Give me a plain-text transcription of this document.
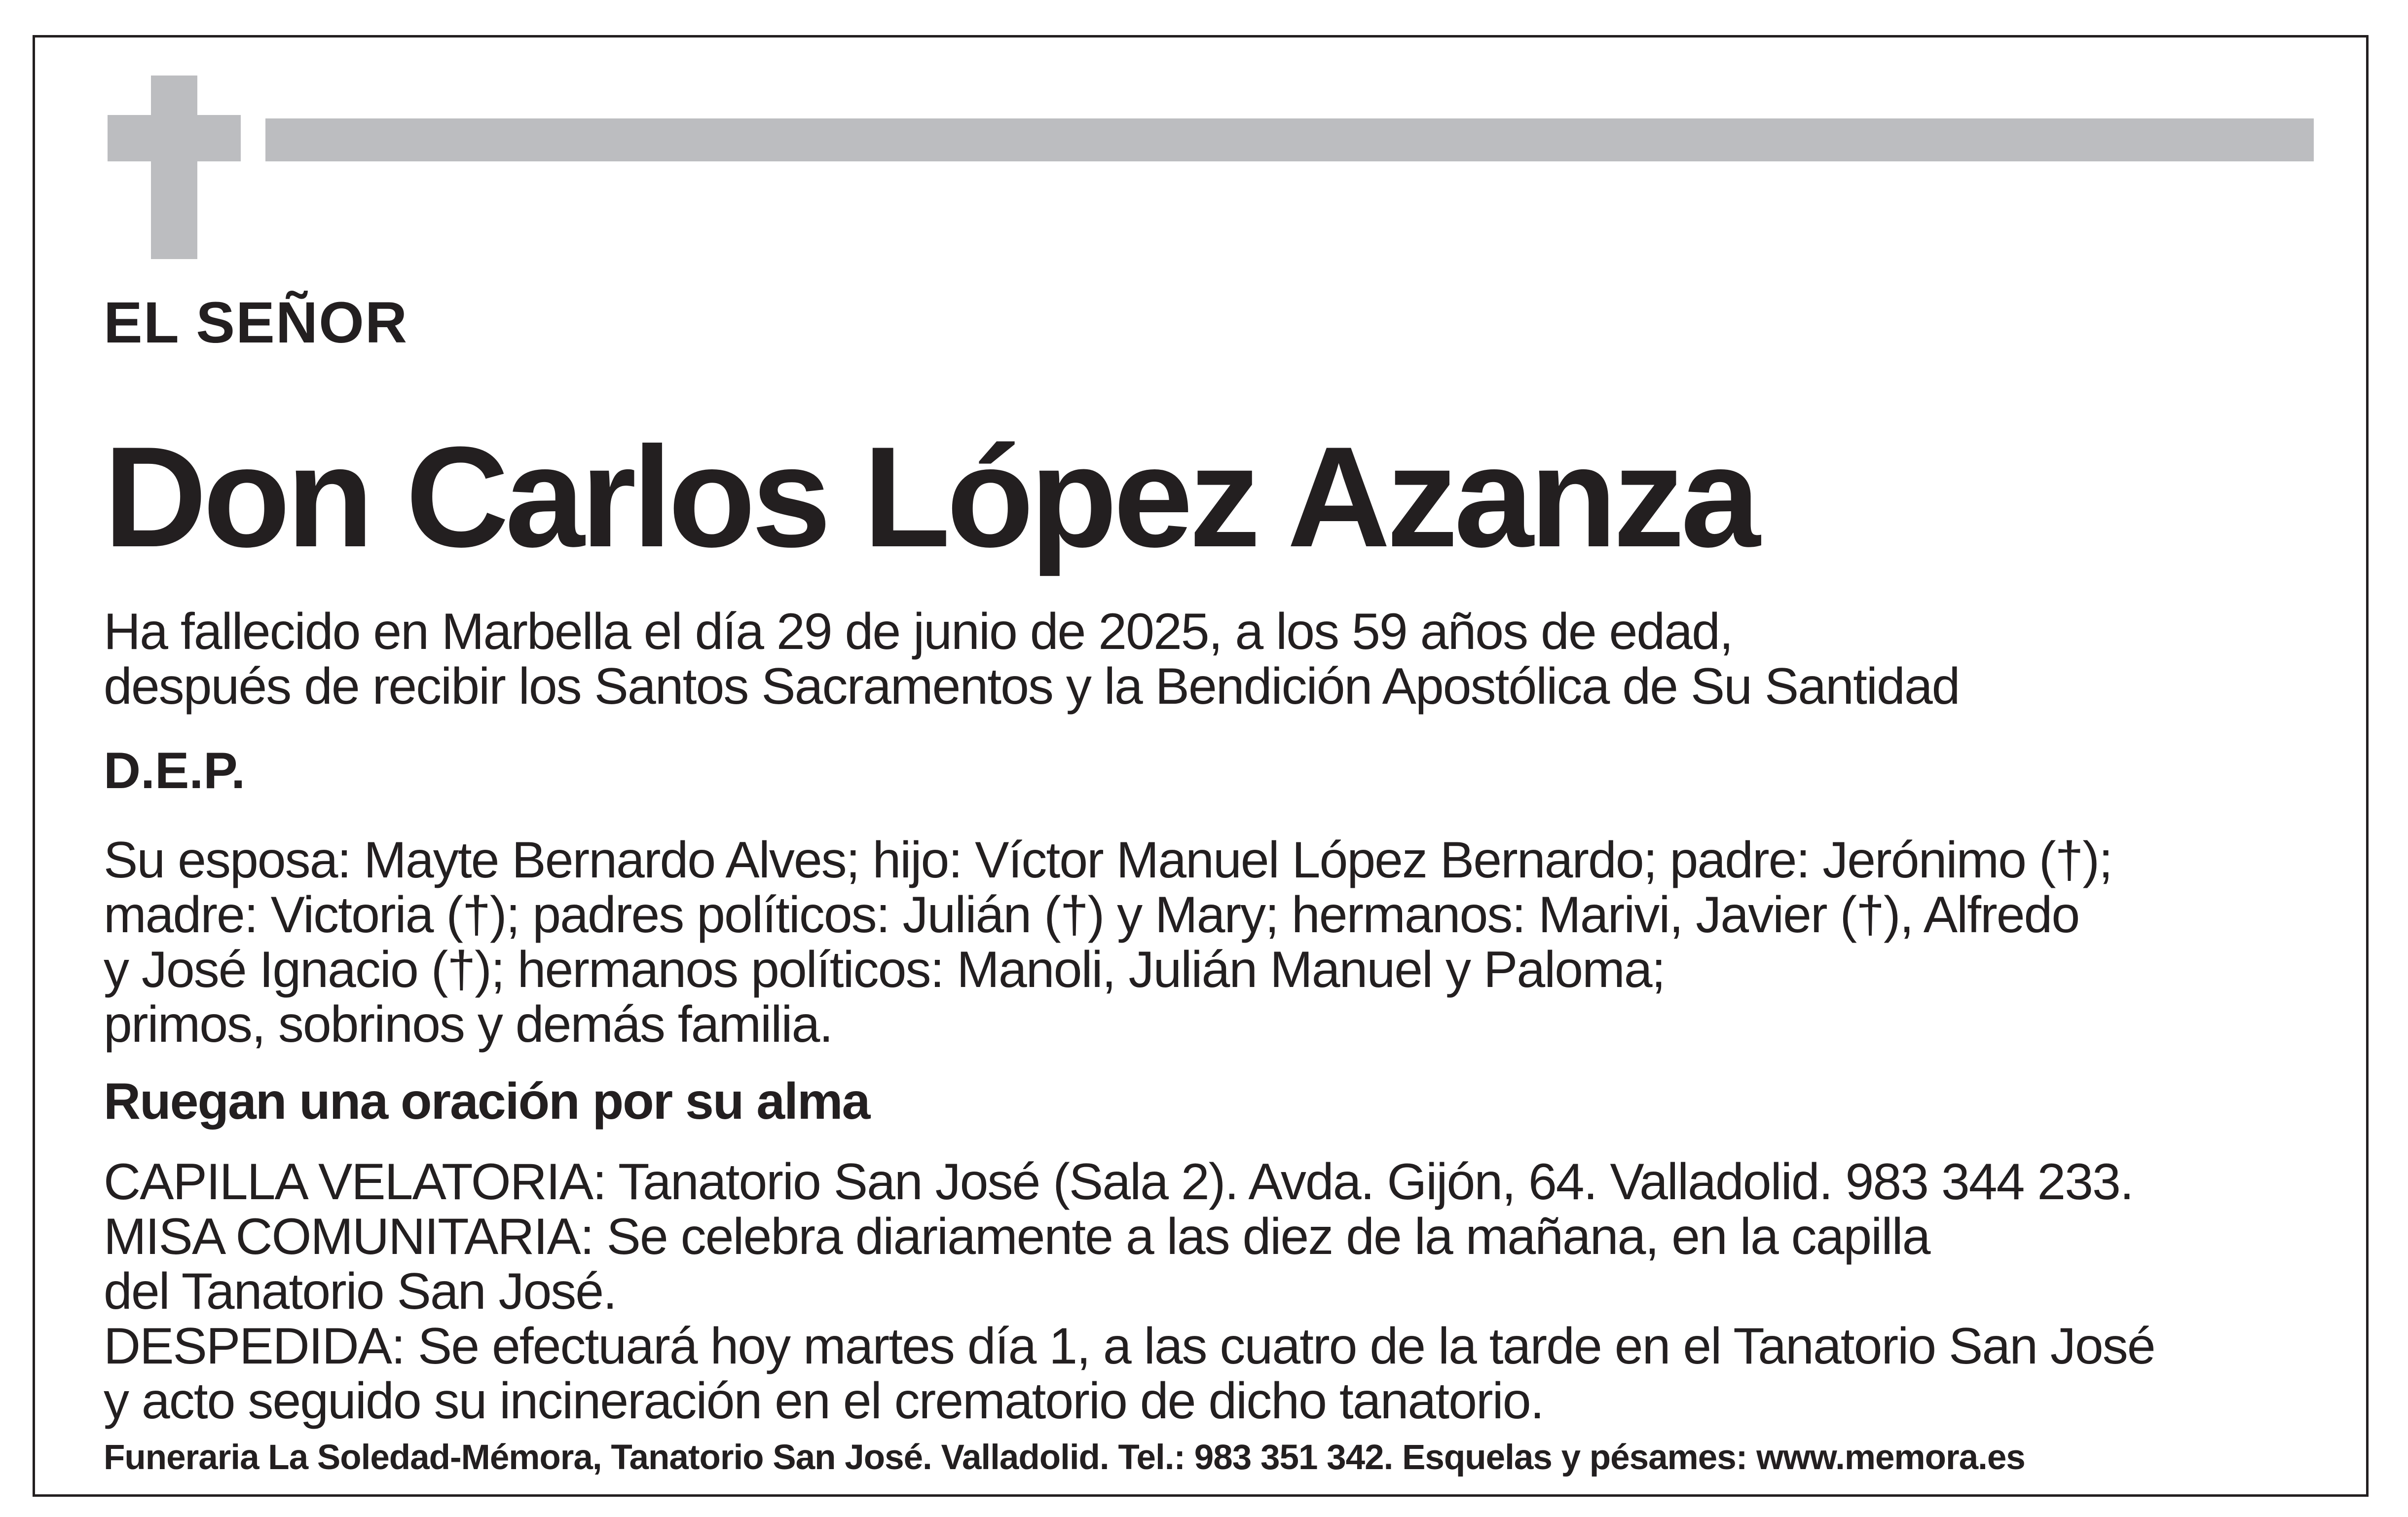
EL SEÑOR
Don Carlos López Azanza
Ha fallecido en Marbella el día 29 de junio de 2025, a los 59 años de edad,
después de recibir los Santos Sacramentos y la Bendición Apostólica de Su Santidad
D.E.P.
Su esposa: Mayte Bernardo Alves; hijo: Víctor Manuel López Bernardo; padre: Jerónimo (†);
madre: Victoria (†); padres políticos: Julián (†) y Mary; hermanos: Marivi, Javier (†), Alfredo
y José Ignacio (†); hermanos políticos: Manoli, Julián Manuel y Paloma;
primos, sobrinos y demás familia.
Ruegan una oración por su alma
CAPILLA VELATORIA: Tanatorio San José (Sala 2). Avda. Gijón, 64. Valladolid. 983 344 233.
MISA COMUNITARIA: Se celebra diariamente a las diez de la mañana, en la capilla
del Tanatorio San José.
DESPEDIDA: Se efectuará hoy martes día 1, a las cuatro de la tarde en el Tanatorio San José
y acto seguido su incineración en el crematorio de dicho tanatorio.
Funeraria La Soledad-Mémora, Tanatorio San José. Valladolid. Tel.: 983 351 342. Esquelas y pésames: www.memora.es
